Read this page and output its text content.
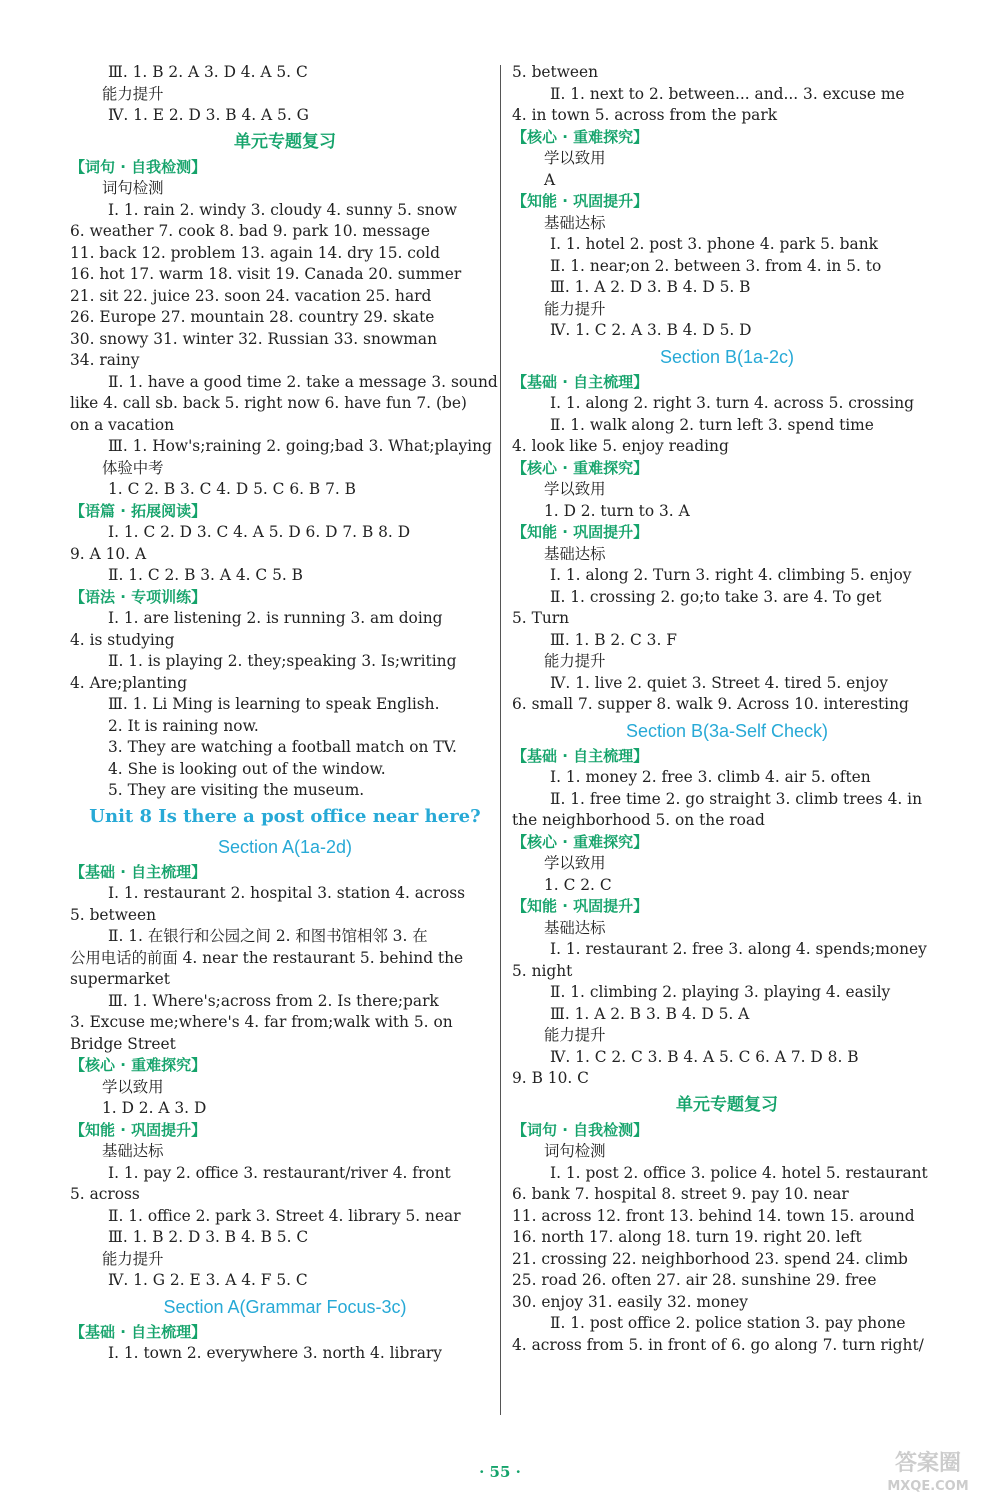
Ⅲ. 1. B 2. A 3. D 4. A 5. C
能力提升
Ⅳ. 1. E 2. D 3. B 4. A 5. G
单元专题复习
【词句 · 自我检测】
词句检测
Ⅰ. 1. rain 2. windy 3. cloudy 4. sunny 5. snow
6. weather 7. cook 8. bad 9. park 10. message
11. back 12. problem 13. again 14. dry 15. cold
16. hot 17. warm 18. visit 19. Canada 20. summer
21. sit 22. juice 23. soon 24. vacation 25. hard
26. Europe 27. mountain 28. country 29. skate
30. snowy 31. winter 32. Russian 33. snowman
34. rainy
Ⅱ. 1. have a good time 2. take a message 3. sound
like 4. call sb. back 5. right now 6. have fun 7. (be)
on a vacation
Ⅲ. 1. How's;raining 2. going;bad 3. What;playing
体验中考
1. C 2. B 3. C 4. D 5. C 6. B 7. B
【语篇 · 拓展阅读】
Ⅰ. 1. C 2. D 3. C 4. A 5. D 6. D 7. B 8. D
9. A 10. A
Ⅱ. 1. C 2. B 3. A 4. C 5. B
【语法 · 专项训练】
Ⅰ. 1. are listening 2. is running 3. am doing
4. is studying
Ⅱ. 1. is playing 2. they;speaking 3. Is;writing
4. Are;planting
Ⅲ. 1. Li Ming is learning to speak English.
2. It is raining now.
3. They are watching a football match on TV.
4. She is looking out of the window.
5. They are visiting the museum.
Unit 8 Is there a post office near here?
Section A(1a-2d)
【基础 · 自主梳理】
Ⅰ. 1. restaurant 2. hospital 3. station 4. across
5. between
Ⅱ. 1. 在银行和公园之间 2. 和图书馆相邻 3. 在
公用电话的前面 4. near the restaurant 5. behind the
supermarket
Ⅲ. 1. Where's;across from 2. Is there;park
3. Excuse me;where's 4. far from;walk with 5. on
Bridge Street
【核心 · 重难探究】
学以致用
1. D 2. A 3. D
【知能 · 巩固提升】
基础达标
Ⅰ. 1. pay 2. office 3. restaurant/river 4. front
5. across
Ⅱ. 1. office 2. park 3. Street 4. library 5. near
Ⅲ. 1. B 2. D 3. B 4. B 5. C
能力提升
Ⅳ. 1. G 2. E 3. A 4. F 5. C
Section A(Grammar Focus-3c)
【基础 · 自主梳理】
Ⅰ. 1. town 2. everywhere 3. north 4. library
5. between
Ⅱ. 1. next to 2. between... and... 3. excuse me
4. in town 5. across from the park
【核心 · 重难探究】
学以致用
A
【知能 · 巩固提升】
基础达标
Ⅰ. 1. hotel 2. post 3. phone 4. park 5. bank
Ⅱ. 1. near;on 2. between 3. from 4. in 5. to
Ⅲ. 1. A 2. D 3. B 4. D 5. B
能力提升
Ⅳ. 1. C 2. A 3. B 4. D 5. D
Section B(1a-2c)
【基础 · 自主梳理】
Ⅰ. 1. along 2. right 3. turn 4. across 5. crossing
Ⅱ. 1. walk along 2. turn left 3. spend time
4. look like 5. enjoy reading
【核心 · 重难探究】
学以致用
1. D 2. turn to 3. A
【知能 · 巩固提升】
基础达标
Ⅰ. 1. along 2. Turn 3. right 4. climbing 5. enjoy
Ⅱ. 1. crossing 2. go;to take 3. are 4. To get
5. Turn
Ⅲ. 1. B 2. C 3. F
能力提升
Ⅳ. 1. live 2. quiet 3. Street 4. tired 5. enjoy
6. small 7. supper 8. walk 9. Across 10. interesting
Section B(3a-Self Check)
【基础 · 自主梳理】
Ⅰ. 1. money 2. free 3. climb 4. air 5. often
Ⅱ. 1. free time 2. go straight 3. climb trees 4. in
the neighborhood 5. on the road
【核心 · 重难探究】
学以致用
1. C 2. C
【知能 · 巩固提升】
基础达标
Ⅰ. 1. restaurant 2. free 3. along 4. spends;money
5. night
Ⅱ. 1. climbing 2. playing 3. playing 4. easily
Ⅲ. 1. A 2. B 3. B 4. D 5. A
能力提升
Ⅳ. 1. C 2. C 3. B 4. A 5. C 6. A 7. D 8. B
9. B 10. C
单元专题复习
【词句 · 自我检测】
词句检测
Ⅰ. 1. post 2. office 3. police 4. hotel 5. restaurant
6. bank 7. hospital 8. street 9. pay 10. near
11. across 12. front 13. behind 14. town 15. around
16. north 17. along 18. turn 19. right 20. left
21. crossing 22. neighborhood 23. spend 24. climb
25. road 26. often 27. air 28. sunshine 29. free
30. enjoy 31. easily 32. money
Ⅱ. 1. post office 2. police station 3. pay phone
4. across from 5. in front of 6. go along 7. turn right/
· 55 ·	答案圈
MXQE.COM
